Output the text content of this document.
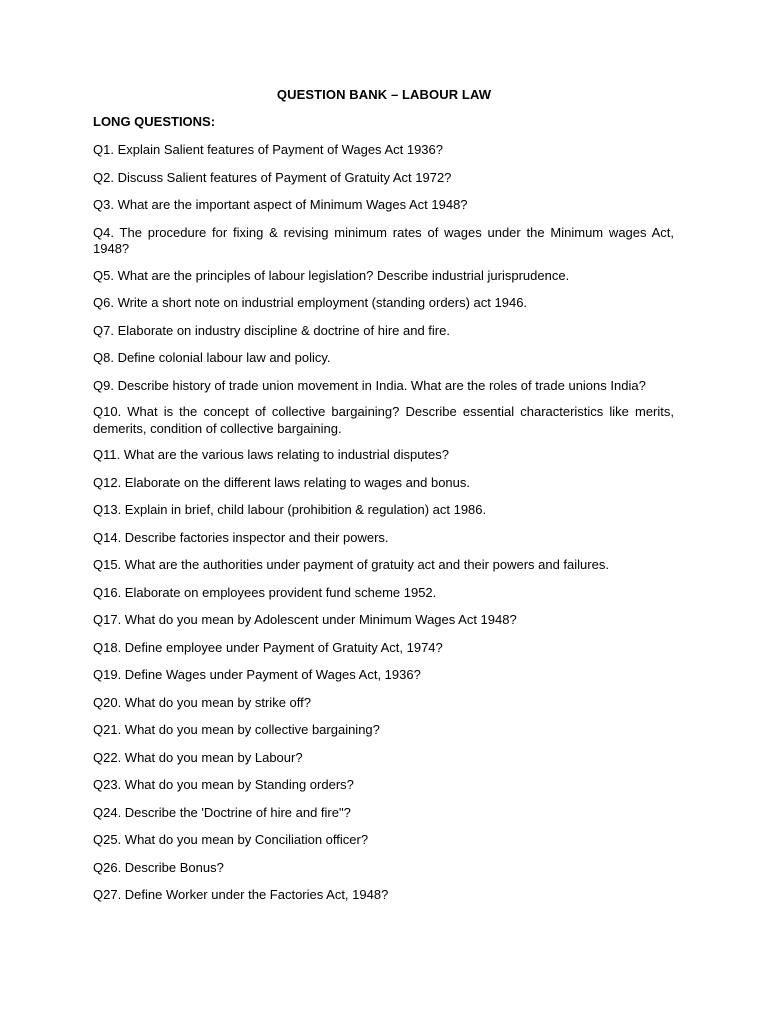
QUESTION BANK – LABOUR LAW
LONG QUESTIONS:
Q1. Explain Salient features of Payment of Wages Act 1936?
Q2. Discuss Salient features of Payment of Gratuity Act 1972?
Q3. What are the important aspect of Minimum Wages Act 1948?
Q4. The procedure for fixing & revising minimum rates of wages under the Minimum wages Act, 1948?
Q5. What are the principles of labour legislation? Describe industrial jurisprudence.
Q6. Write a short note on industrial employment (standing orders) act 1946.
Q7. Elaborate on industry discipline & doctrine of hire and fire.
Q8. Define colonial labour law and policy.
Q9. Describe history of trade union movement in India. What are the roles of trade unions India?
Q10. What is the concept of collective bargaining? Describe essential characteristics like merits, demerits, condition of collective bargaining.
Q11. What are the various laws relating to industrial disputes?
Q12. Elaborate on the different laws relating to wages and bonus.
Q13. Explain in brief, child labour (prohibition & regulation) act 1986.
Q14. Describe factories inspector and their powers.
Q15. What are the authorities under payment of gratuity act and their powers and failures.
Q16. Elaborate on employees provident fund scheme 1952.
Q17. What do you mean by Adolescent under Minimum Wages Act 1948?
Q18. Define employee under Payment of Gratuity Act, 1974?
Q19. Define Wages under Payment of Wages Act, 1936?
Q20. What do you mean by strike off?
Q21. What do you mean by collective bargaining?
Q22. What do you mean by Labour?
Q23. What do you mean by Standing orders?
Q24. Describe the 'Doctrine of hire and fire"?
Q25. What do you mean by Conciliation officer?
Q26. Describe Bonus?
Q27. Define Worker under the Factories Act, 1948?
